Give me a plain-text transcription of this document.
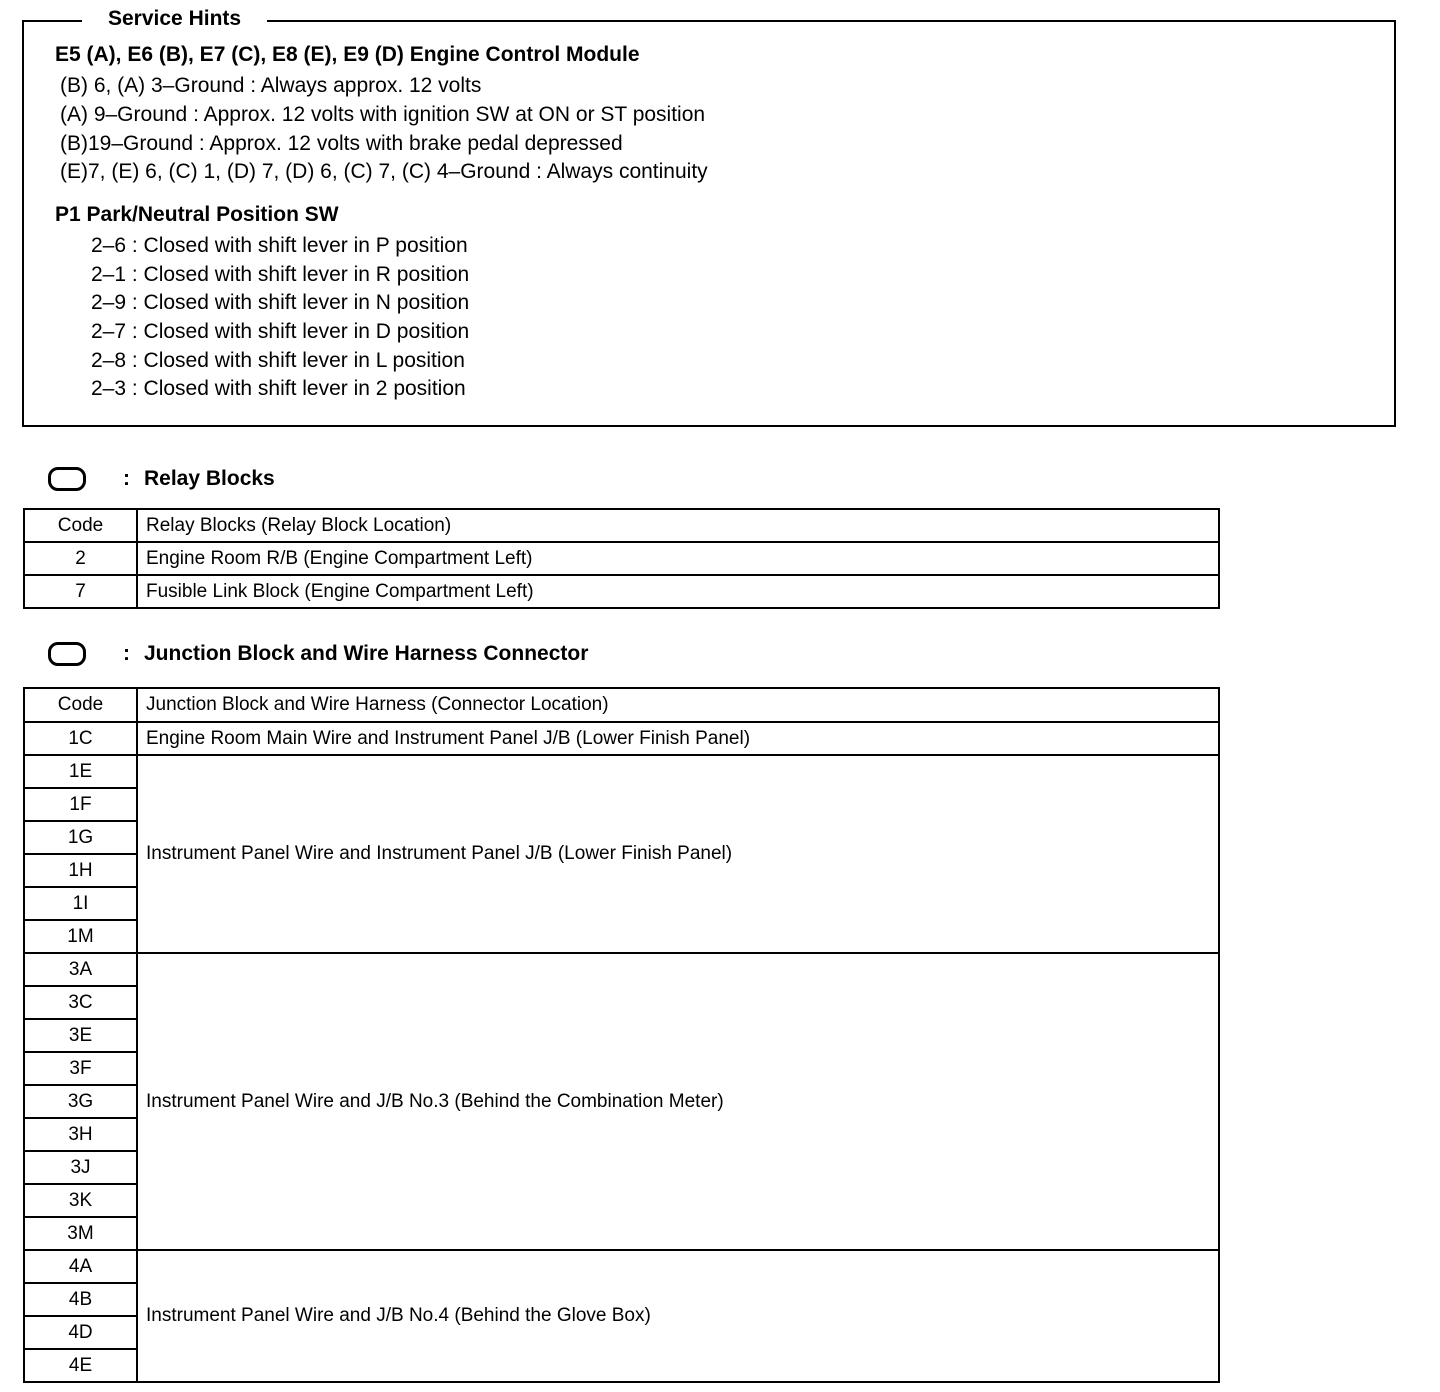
Service Hints
E5 (A), E6 (B), E7 (C), E8 (E), E9 (D) Engine Control Module
(B) 6, (A) 3–Ground : Always approx. 12 volts
(A) 9–Ground : Approx. 12 volts with ignition SW at ON or ST position
(B)19–Ground : Approx. 12 volts with brake pedal depressed
(E)7, (E) 6, (C) 1, (D) 7, (D) 6, (C) 7, (C) 4–Ground : Always continuity
P1 Park/Neutral Position SW
2–6 : Closed with shift lever in P position
2–1 : Closed with shift lever in R position
2–9 : Closed with shift lever in N position
2–7 : Closed with shift lever in D position
2–8 : Closed with shift lever in L position
2–3 : Closed with shift lever in 2 position
: Relay Blocks
Code	Relay Blocks (Relay Block Location)
2	Engine Room R/B (Engine Compartment Left)
7	Fusible Link Block (Engine Compartment Left)
: Junction Block and Wire Harness Connector
Code	Junction Block and Wire Harness (Connector Location)
1C	Engine Room Main Wire and Instrument Panel J/B (Lower Finish Panel)
1E	Instrument Panel Wire and Instrument Panel J/B (Lower Finish Panel)
1F	
1G	
1H	
1I	
1M	
3A	Instrument Panel Wire and J/B No.3 (Behind the Combination Meter)
3C	
3E	
3F	
3G	
3H	
3J	
3K	
3M	
4A	Instrument Panel Wire and J/B No.4 (Behind the Glove Box)
4B	
4D	
4E	
